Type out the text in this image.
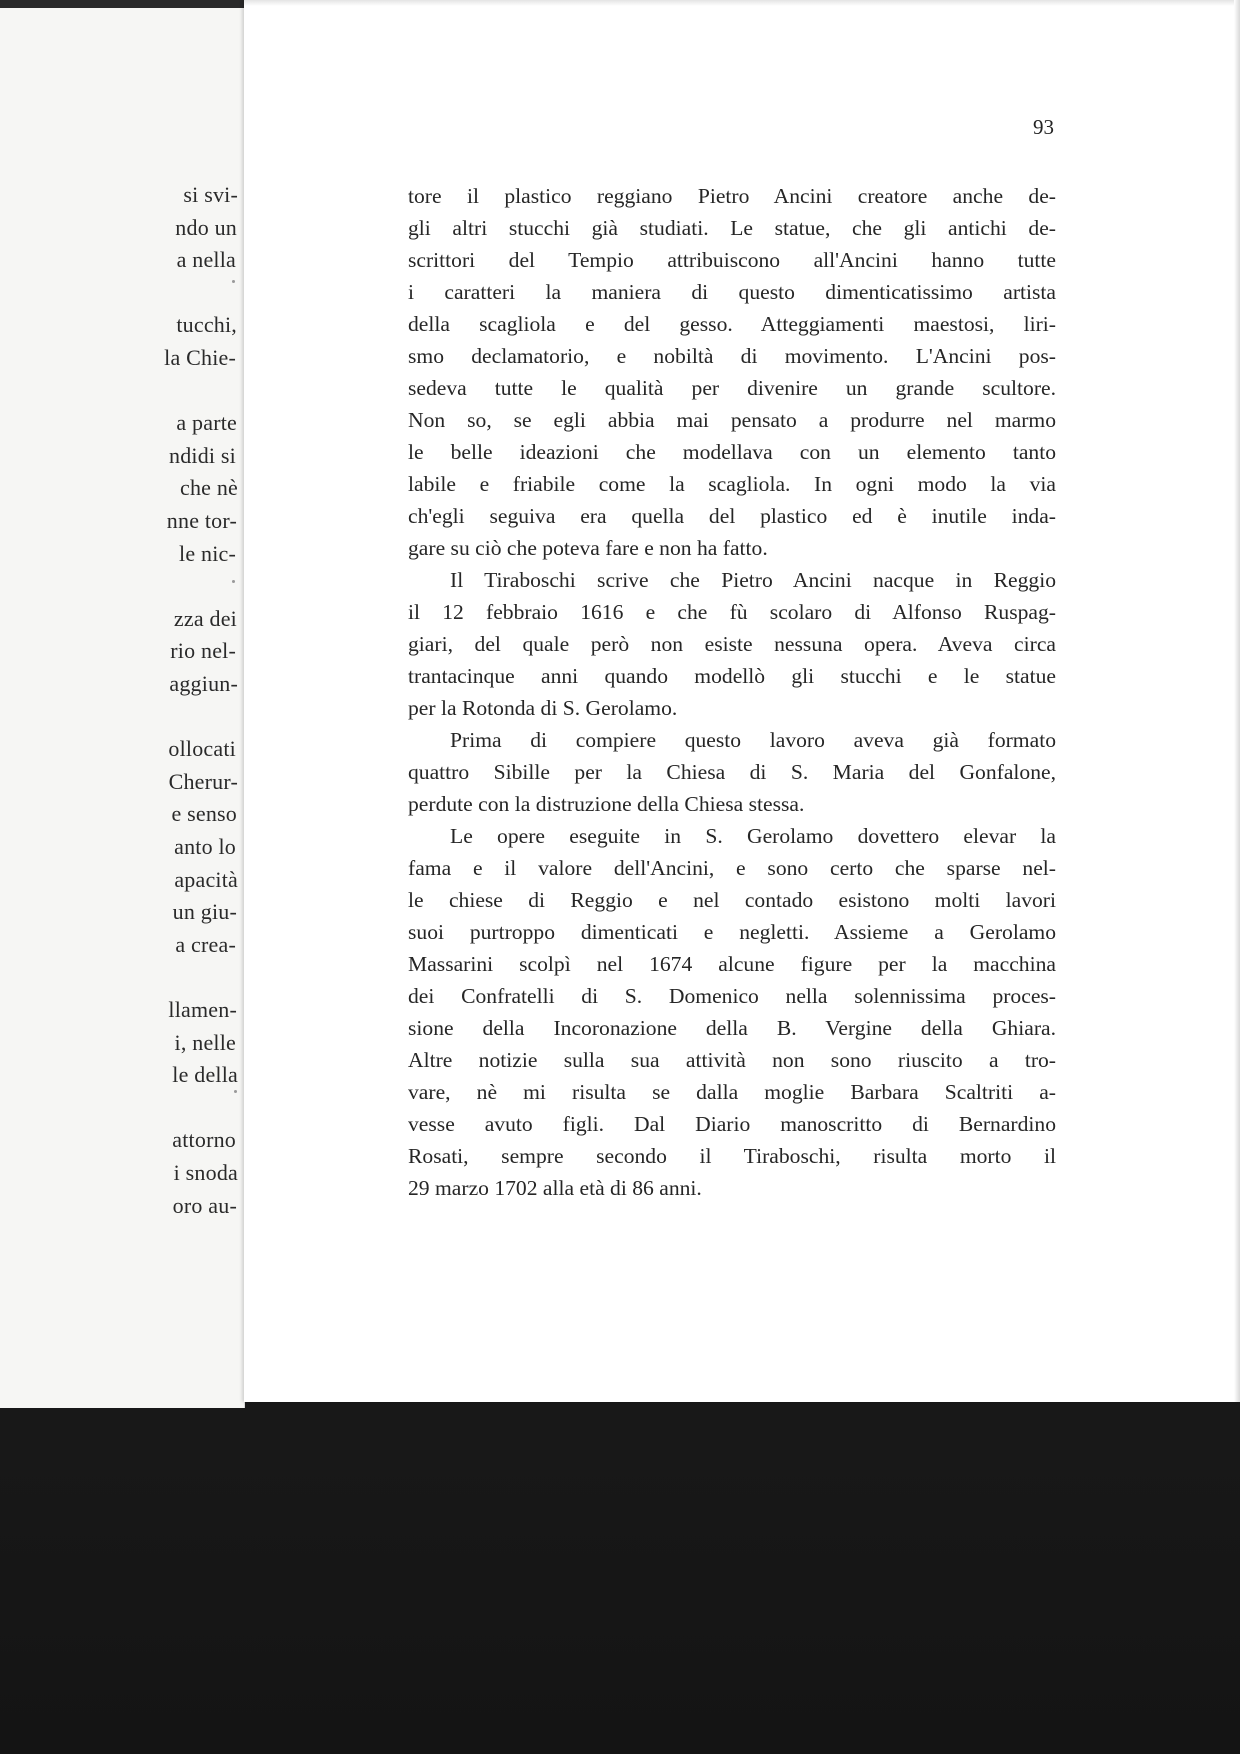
si svi-
ndo un
a nella
tucchi,
la Chie-
a parte
ndidi si
che nè
nne tor-
le nic-
zza dei
rio nel-
aggiun-
ollocati
Cherur-
e senso
anto lo
apacità
un giu-
a crea-
llamen-
i, nelle
le della
attorno
i snoda
oro au-
93
tore il plastico reggiano Pietro Ancini creatore anche de-
gli altri stucchi già studiati. Le statue, che gli antichi de-
scrittori del Tempio attribuiscono all'Ancini hanno tutte
i caratteri la maniera di questo dimenticatissimo artista
della scagliola e del gesso. Atteggiamenti maestosi, liri-
smo declamatorio, e nobiltà di movimento. L'Ancini pos-
sedeva tutte le qualità per divenire un grande scultore.
Non so, se egli abbia mai pensato a produrre nel marmo
le belle ideazioni che modellava con un elemento tanto
labile e friabile come la scagliola. In ogni modo la via
ch'egli seguiva era quella del plastico ed è inutile inda-
gare su ciò che poteva fare e non ha fatto.
Il Tiraboschi scrive che Pietro Ancini nacque in Reggio
il 12 febbraio 1616 e che fù scolaro di Alfonso Ruspag-
giari, del quale però non esiste nessuna opera. Aveva circa
trantacinque anni quando modellò gli stucchi e le statue
per la Rotonda di S. Gerolamo.
Prima di compiere questo lavoro aveva già formato
quattro Sibille per la Chiesa di S. Maria del Gonfalone,
perdute con la distruzione della Chiesa stessa.
Le opere eseguite in S. Gerolamo dovettero elevar la
fama e il valore dell'Ancini, e sono certo che sparse nel-
le chiese di Reggio e nel contado esistono molti lavori
suoi purtroppo dimenticati e negletti. Assieme a Gerolamo
Massarini scolpì nel 1674 alcune figure per la macchina
dei Confratelli di S. Domenico nella solennissima proces-
sione della Incoronazione della B. Vergine della Ghiara.
Altre notizie sulla sua attività non sono riuscito a tro-
vare, nè mi risulta se dalla moglie Barbara Scaltriti a-
vesse avuto figli. Dal Diario manoscritto di Bernardino
Rosati, sempre secondo il Tiraboschi, risulta morto il
29 marzo 1702 alla età di 86 anni.
